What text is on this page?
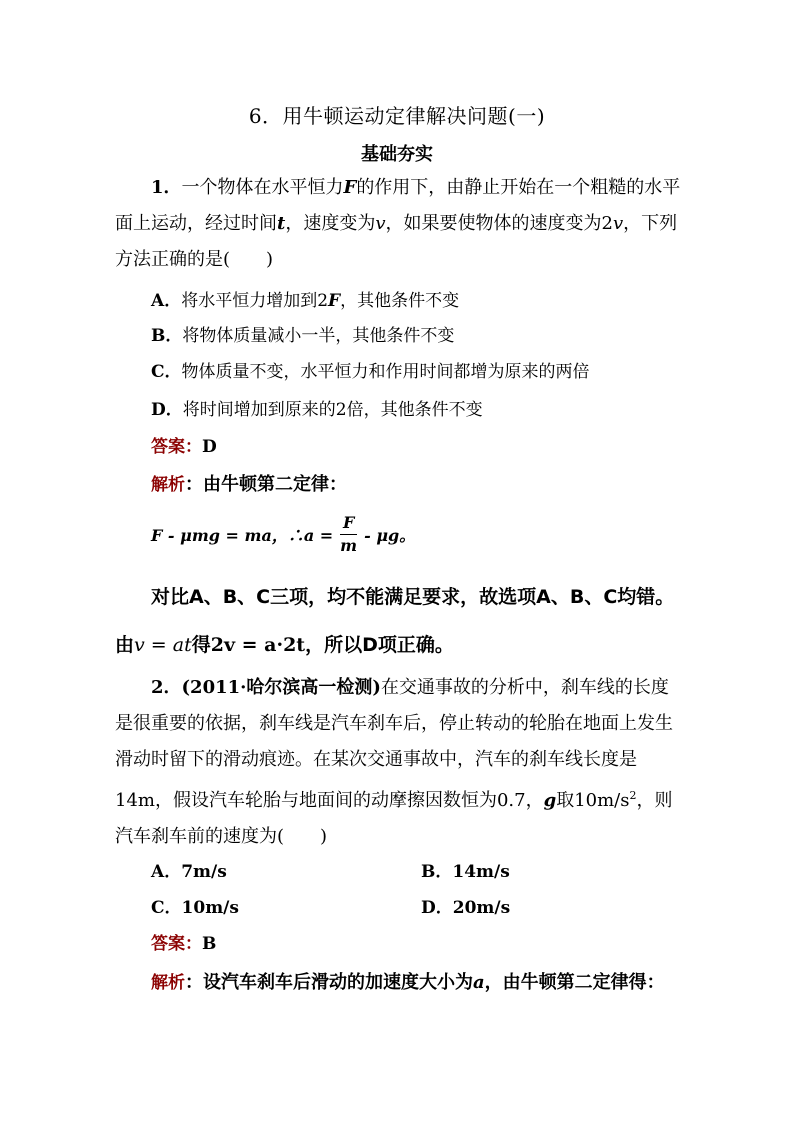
6．用牛顿运动定律解决问题(一)
基础夯实
1．一个物体在水平恒力F的作用下，由静止开始在一个粗糙的水平面上运动，经过时间t，速度变为v，如果要使物体的速度变为2v，下列方法正确的是(　　)
A．将水平恒力增加到2F，其他条件不变
B．将物体质量减小一半，其他条件不变
C．物体质量不变，水平恒力和作用时间都增为原来的两倍
D．将时间增加到原来的2倍，其他条件不变
答案：D
解析：由牛顿第二定律：
F - μmg = ma，∴a = $\frac{F}{m}$ - μg。
对比A、B、C三项，均不能满足要求，故选项A、B、C均错。
由v = at得2v = a·2t，所以D项正确。
2．(2011·哈尔滨高一检测)在交通事故的分析中，刹车线的长度是很重要的依据，刹车线是汽车刹车后，停止转动的轮胎在地面上发生滑动时留下的滑动痕迹。在某次交通事故中，汽车的刹车线长度是14m，假设汽车轮胎与地面间的动摩擦因数恒为0.7，g取$10m/s^2$，则汽车刹车前的速度为(　　)
A．7m/s	B．14m/s
C．10m/s	D．20m/s
答案：B
解析：设汽车刹车后滑动的加速度大小为a，由牛顿第二定律得：
